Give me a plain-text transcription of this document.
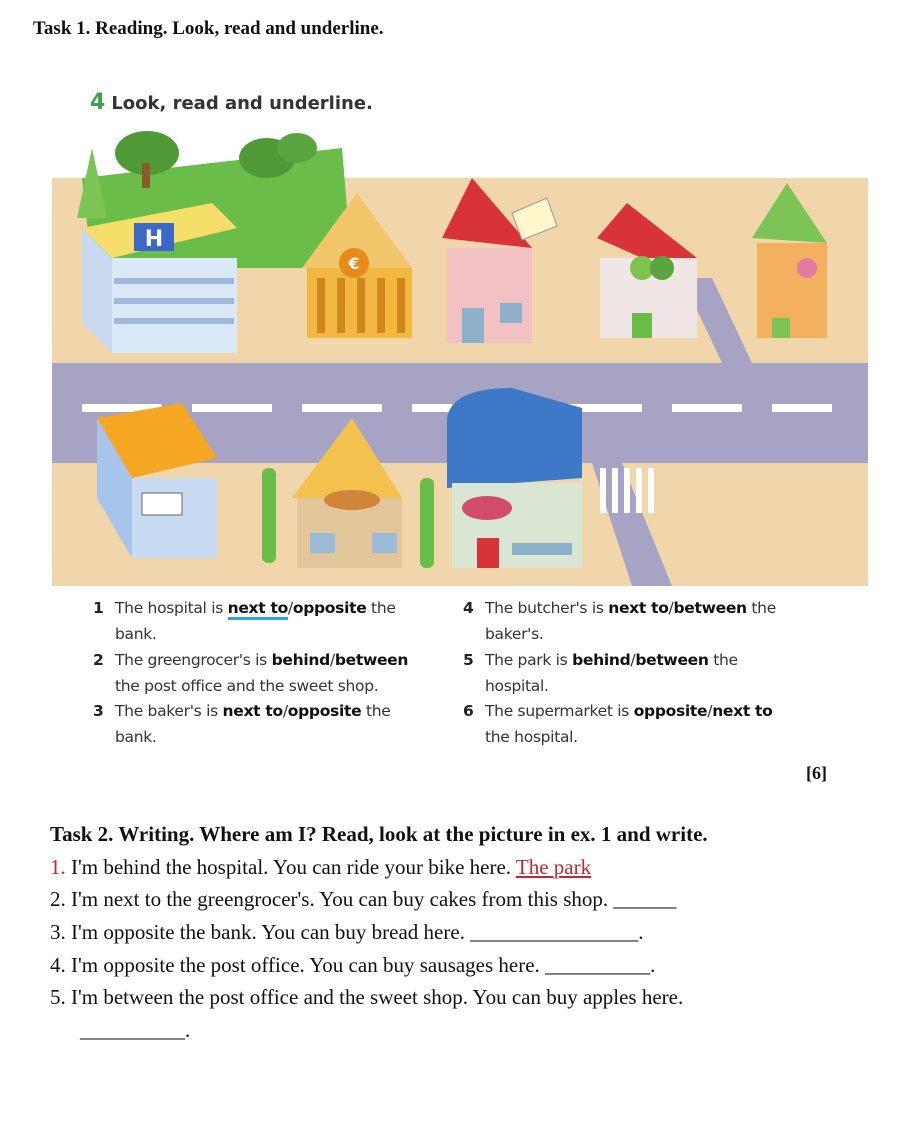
Task 1. Reading. Look, read and underline.
4 Look, read and underline.
H
€
1 The hospital is next to/opposite the
bank.
2 The greengrocer's is behind/between
the post office and the sweet shop.
3 The baker's is next to/opposite the
bank.
4 The butcher's is next to/between the
baker's.
5 The park is behind/between the
hospital.
6 The supermarket is opposite/next to
the hospital.
[6]
Task 2. Writing. Where am I? Read, look at the picture in ex. 1 and write.
1. I'm behind the hospital. You can ride your bike here. The park
2. I'm next to the greengrocer's. You can buy cakes from this shop. ______
3. I'm opposite the bank. You can buy bread here. ________________.
4. I'm opposite the post office. You can buy sausages here. __________.
5. I'm between the post office and the sweet shop. You can buy apples here.
__________.
